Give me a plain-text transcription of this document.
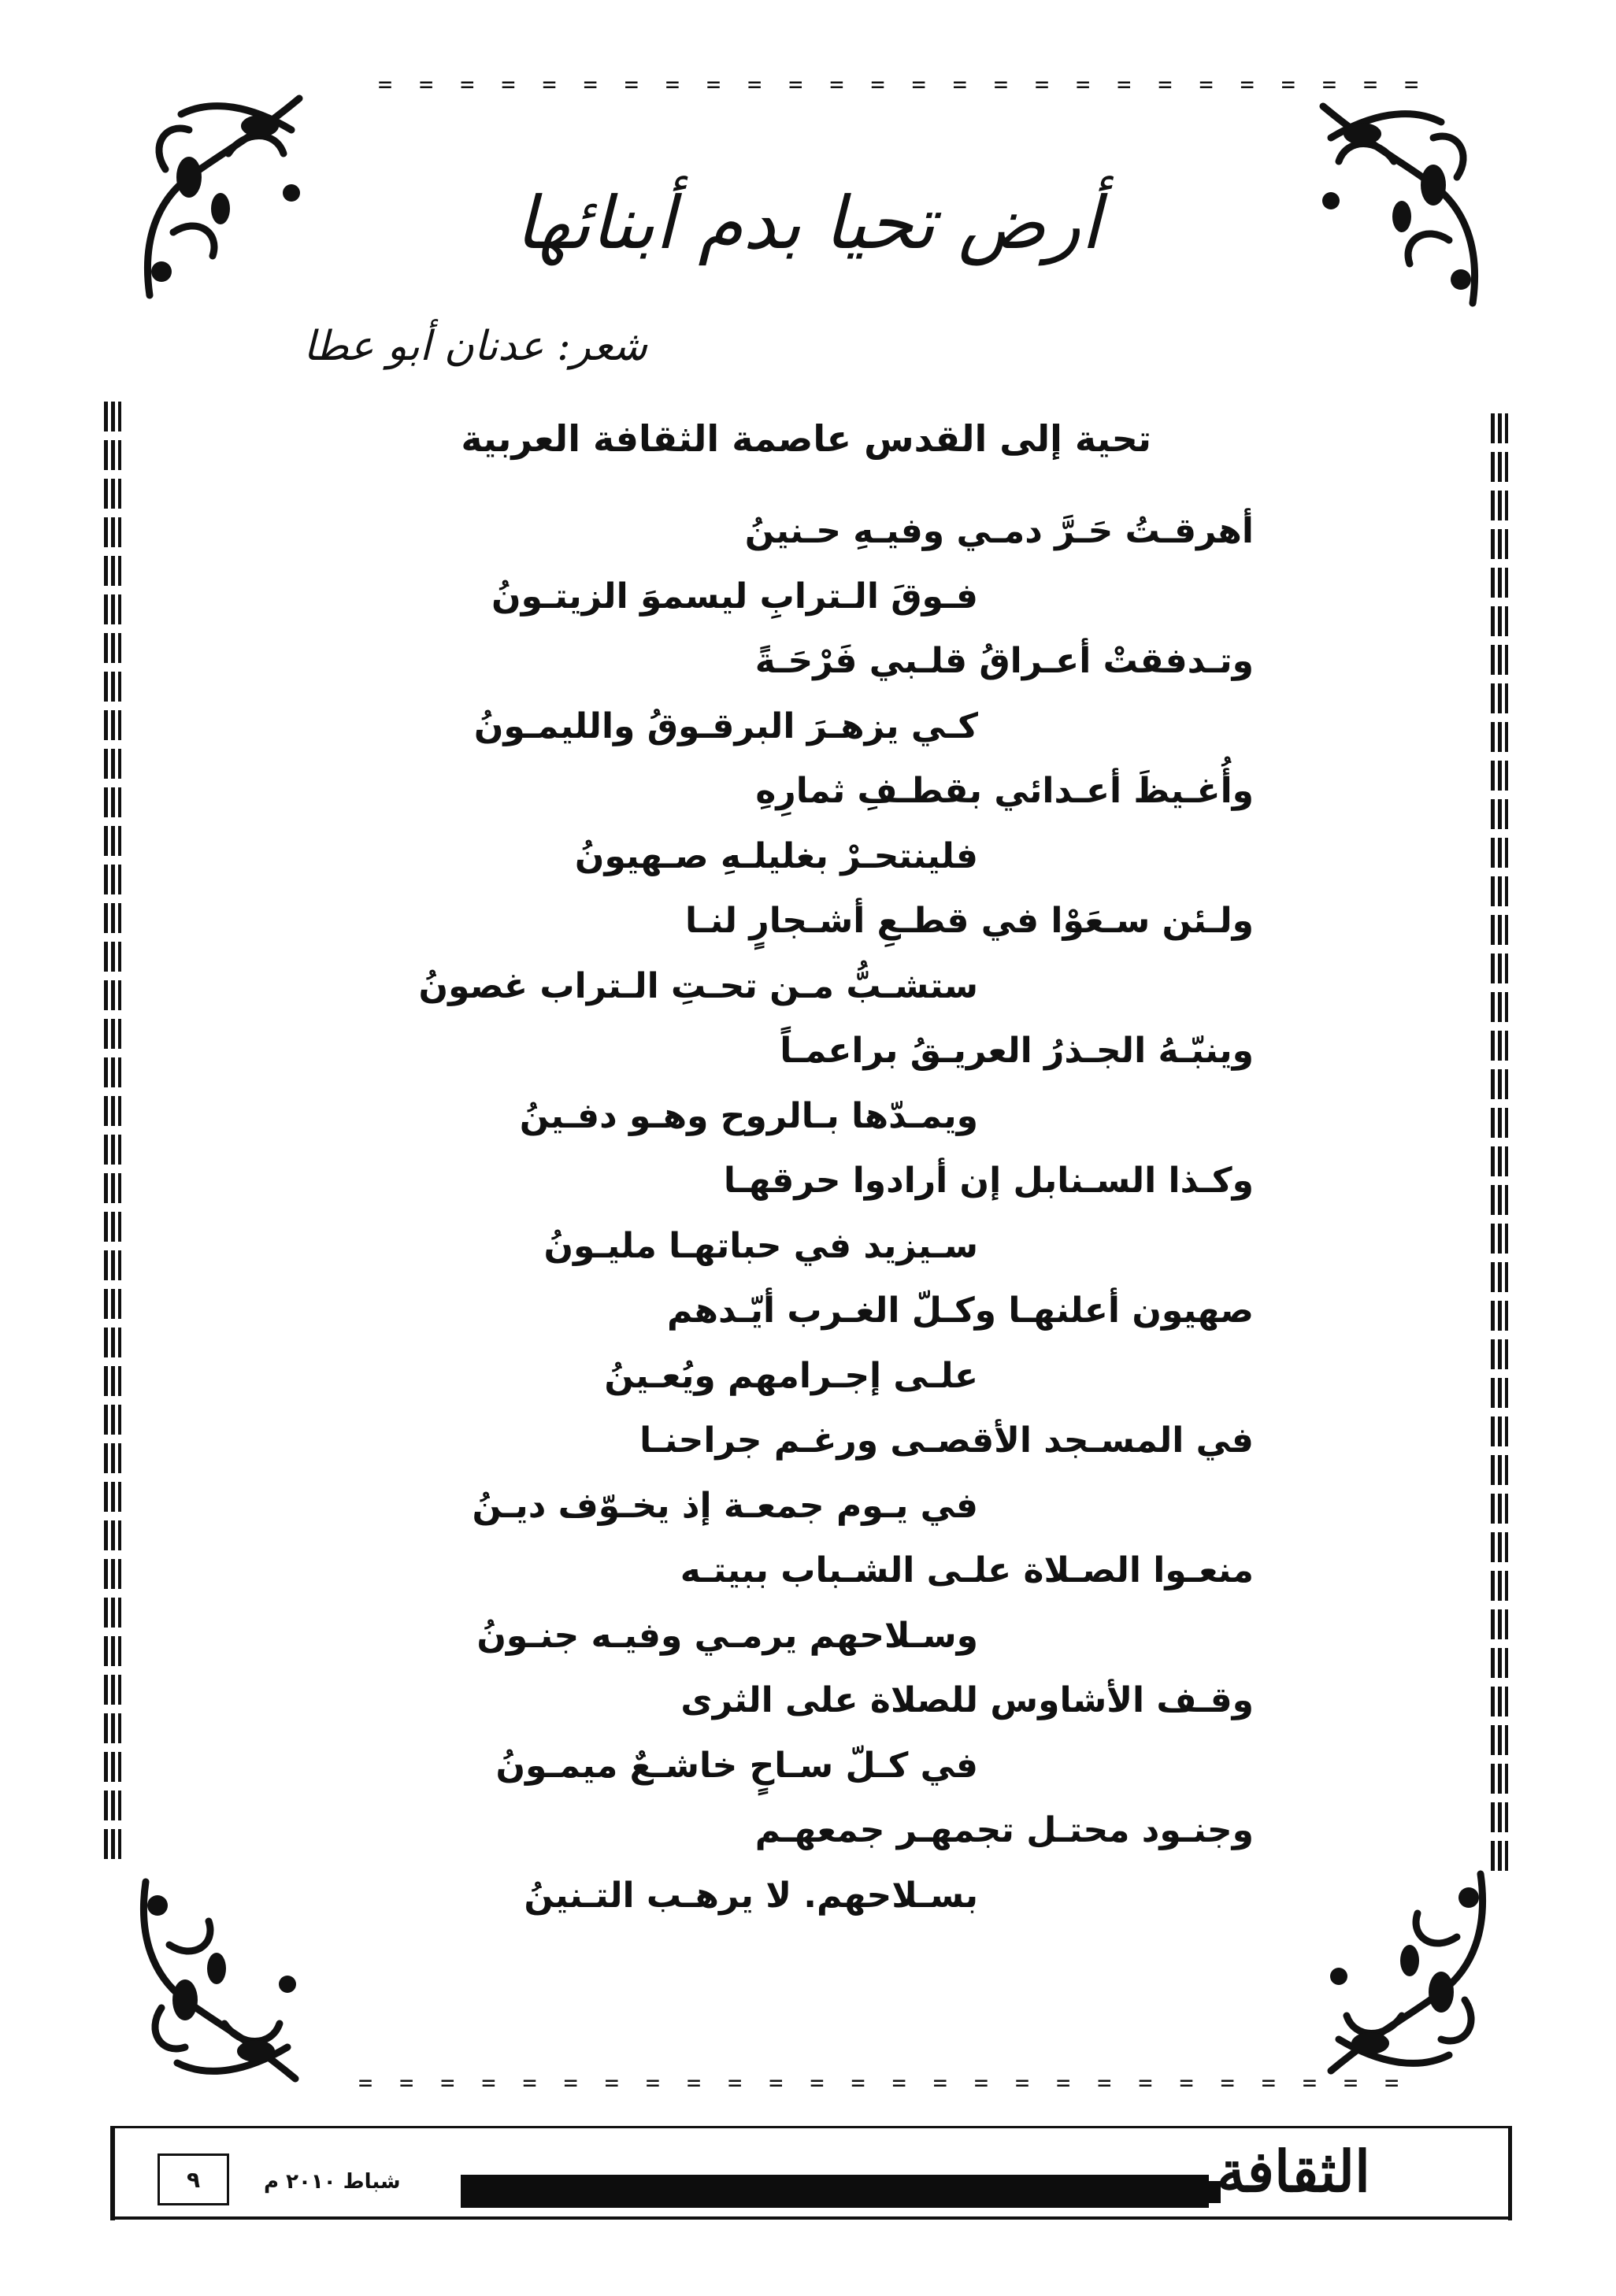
= = = = = = = = = = = = = = = = = = = = = = = = = =
= = = = = = = = = = = = = = = = = = = = = = = = = =
أرض تحيا بدم أبنائها
شعر: عدنان أبو عطا
تحية إلى القدس عاصمة الثقافة العربية
أهرقـتُ حَـرَّ دمـي وفيـهِ حـنينُ
فـوقَ الـترابِ ليسموَ الزيتـونُ
وتـدفقتْ أعـراقُ قلـبي فَرْحَـةً
كـي يزهـرَ البرقـوقُ والليمـونُ
وأُغـيظَ أعـدائي بقطـفِ ثمارِهِ
فلينتحـرْ بغليلـهِ صـهيونُ
ولـئن سـعَوْا في قطـعِ أشـجارٍ لنـا
ستشـبُّ مـن تحـتِ الـتراب غصونُ
وينبّـهُ الجـذرُ العريـقُ براعمـاً
ويمـدّها بـالروح وهـو دفـينُ
وكـذا السـنابل إن أرادوا حرقهـا
سـيزيد في حباتهـا مليـونُ
صهيون أعلنهـا وكـلّ الغـرب أيّـدهم
علـى إجـرامهم ويُعـينُ
في المسـجد الأقصـى ورغـم جراحنـا
في يـوم جمعـة إذ يخـوّف ديـنُ
منعـوا الصـلاة علـى الشـباب ببيتـه
وسـلاحهم يرمـي وفيـه جنـونُ
وقـف الأشاوس للصلاة على الثرى
في كـلّ سـاحٍ خاشـعٌ ميمـونُ
وجنـود محتـل تجمهـر جمعهـم
بسـلاحهم. لا يرهـب التـنينُ
٩	شباط ٢٠١٠ م	الثقافة
